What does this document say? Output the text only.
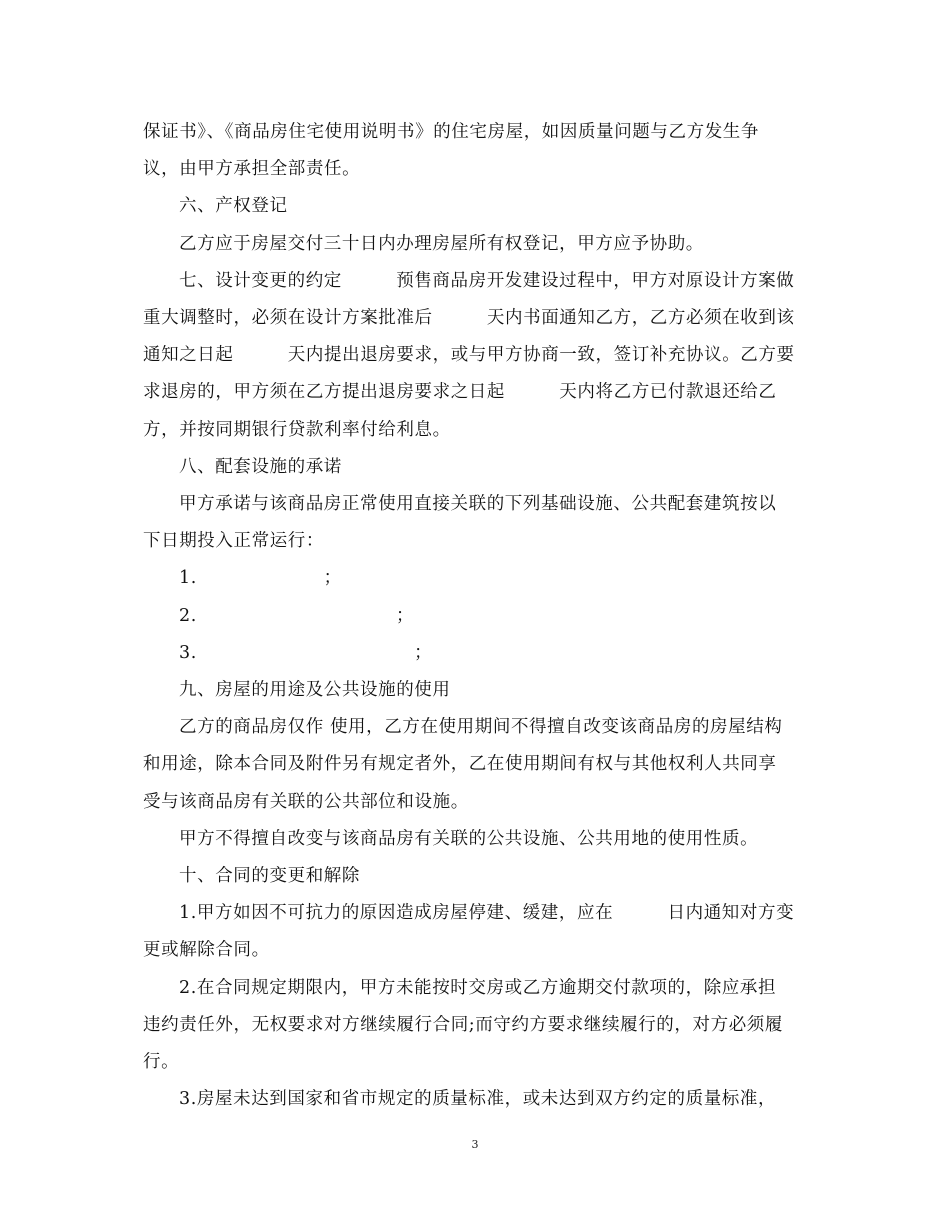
保证书》、《商品房住宅使用说明书》的住宅房屋，如因质量问题与乙方发生争

议，由甲方承担全部责任。

六、产权登记

乙方应于房屋交付三十日内办理房屋所有权登记，甲方应予协助。

七、设计变更的约定　　　预售商品房开发建设过程中，甲方对原设计方案做

重大调整时，必须在设计方案批准后　　　天内书面通知乙方，乙方必须在收到该

通知之日起　　　天内提出退房要求，或与甲方协商一致，签订补充协议。乙方要

求退房的，甲方须在乙方提出退房要求之日起　　　天内将乙方已付款退还给乙

方，并按同期银行贷款利率付给利息。

八、配套设施的承诺

甲方承诺与该商品房正常使用直接关联的下列基础设施、公共配套建筑按以

下日期投入正常运行：

1.　　　　　　　；

2.　　　　　　　　　　　；

3.　　　　　　　　　　　　；

九、房屋的用途及公共设施的使用

乙方的商品房仅作 使用，乙方在使用期间不得擅自改变该商品房的房屋结构

和用途，除本合同及附件另有规定者外，乙在使用期间有权与其他权利人共同享

受与该商品房有关联的公共部位和设施。

甲方不得擅自改变与该商品房有关联的公共设施、公共用地的使用性质。

十、合同的变更和解除

1.甲方如因不可抗力的原因造成房屋停建、缓建，应在　　　日内通知对方变

更或解除合同。

2.在合同规定期限内，甲方未能按时交房或乙方逾期交付款项的，除应承担

违约责任外，无权要求对方继续履行合同;而守约方要求继续履行的，对方必须履

行。

3.房屋未达到国家和省市规定的质量标准，或未达到双方约定的质量标准，

3
